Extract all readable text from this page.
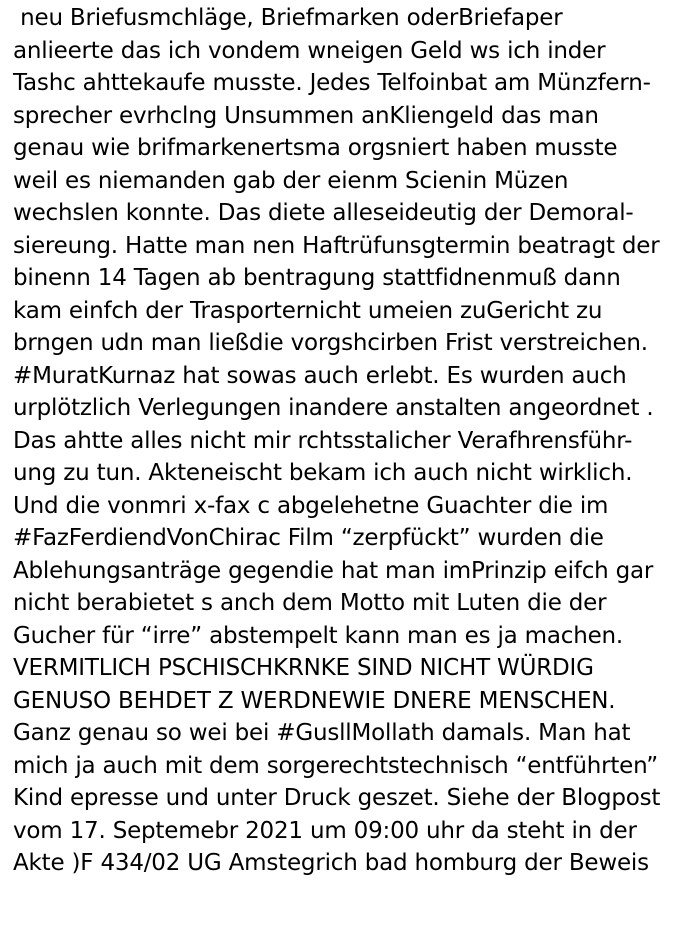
neu Briefusmchläge, Briefmarken oderBriefaper
anlieerte das ich vondem wneigen Geld ws ich inder
Tashc ahttekaufe musste. Jedes Telfoinbat am Münzfern-
sprecher evrhclng Unsummen anKliengeld das man
genau wie brifmarkenertsma orgsniert haben musste
weil es niemanden gab der eienm Scienin Müzen
wechslen konnte. Das diete alleseideutig der Demoral-
siereung. Hatte man nen Haftrüfunsgtermin beatragt der
binenn 14 Tagen ab bentragung stattfidnenmuß dann
kam einfch der Trasporternicht umeien zuGericht zu
brngen udn man ließdie vorgshcirben Frist verstreichen.
#MuratKurnaz hat sowas auch erlebt. Es wurden auch
urplötzlich Verlegungen inandere anstalten angeordnet .
Das ahtte alles nicht mir rchtsstalicher Verafhrensführ-
ung zu tun. Akteneischt bekam ich auch nicht wirklich.
Und die vonmri x-fax c abgelehetne Guachter die im
#FazFerdiendVonChirac Film “zerpfückt” wurden die
Ablehungsanträge gegendie hat man imPrinzip eifch gar
nicht berabietet s anch dem Motto mit Luten die der
Gucher für “irre” abstempelt kann man es ja machen.
VERMITLICH PSCHISCHKRNKE SIND NICHT WÜRDIG
GENUSO BEHDET Z WERDNEWIE DNERE MENSCHEN.
Ganz genau so wei bei #GusllMollath damals. Man hat
mich ja auch mit dem sorgerechtstechnisch “entführten”
Kind epresse und unter Druck geszet. Siehe der Blogpost
vom 17. Septemebr 2021 um 09:00 uhr da steht in der
Akte )F 434/02 UG Amstegrich bad homburg der Beweis
